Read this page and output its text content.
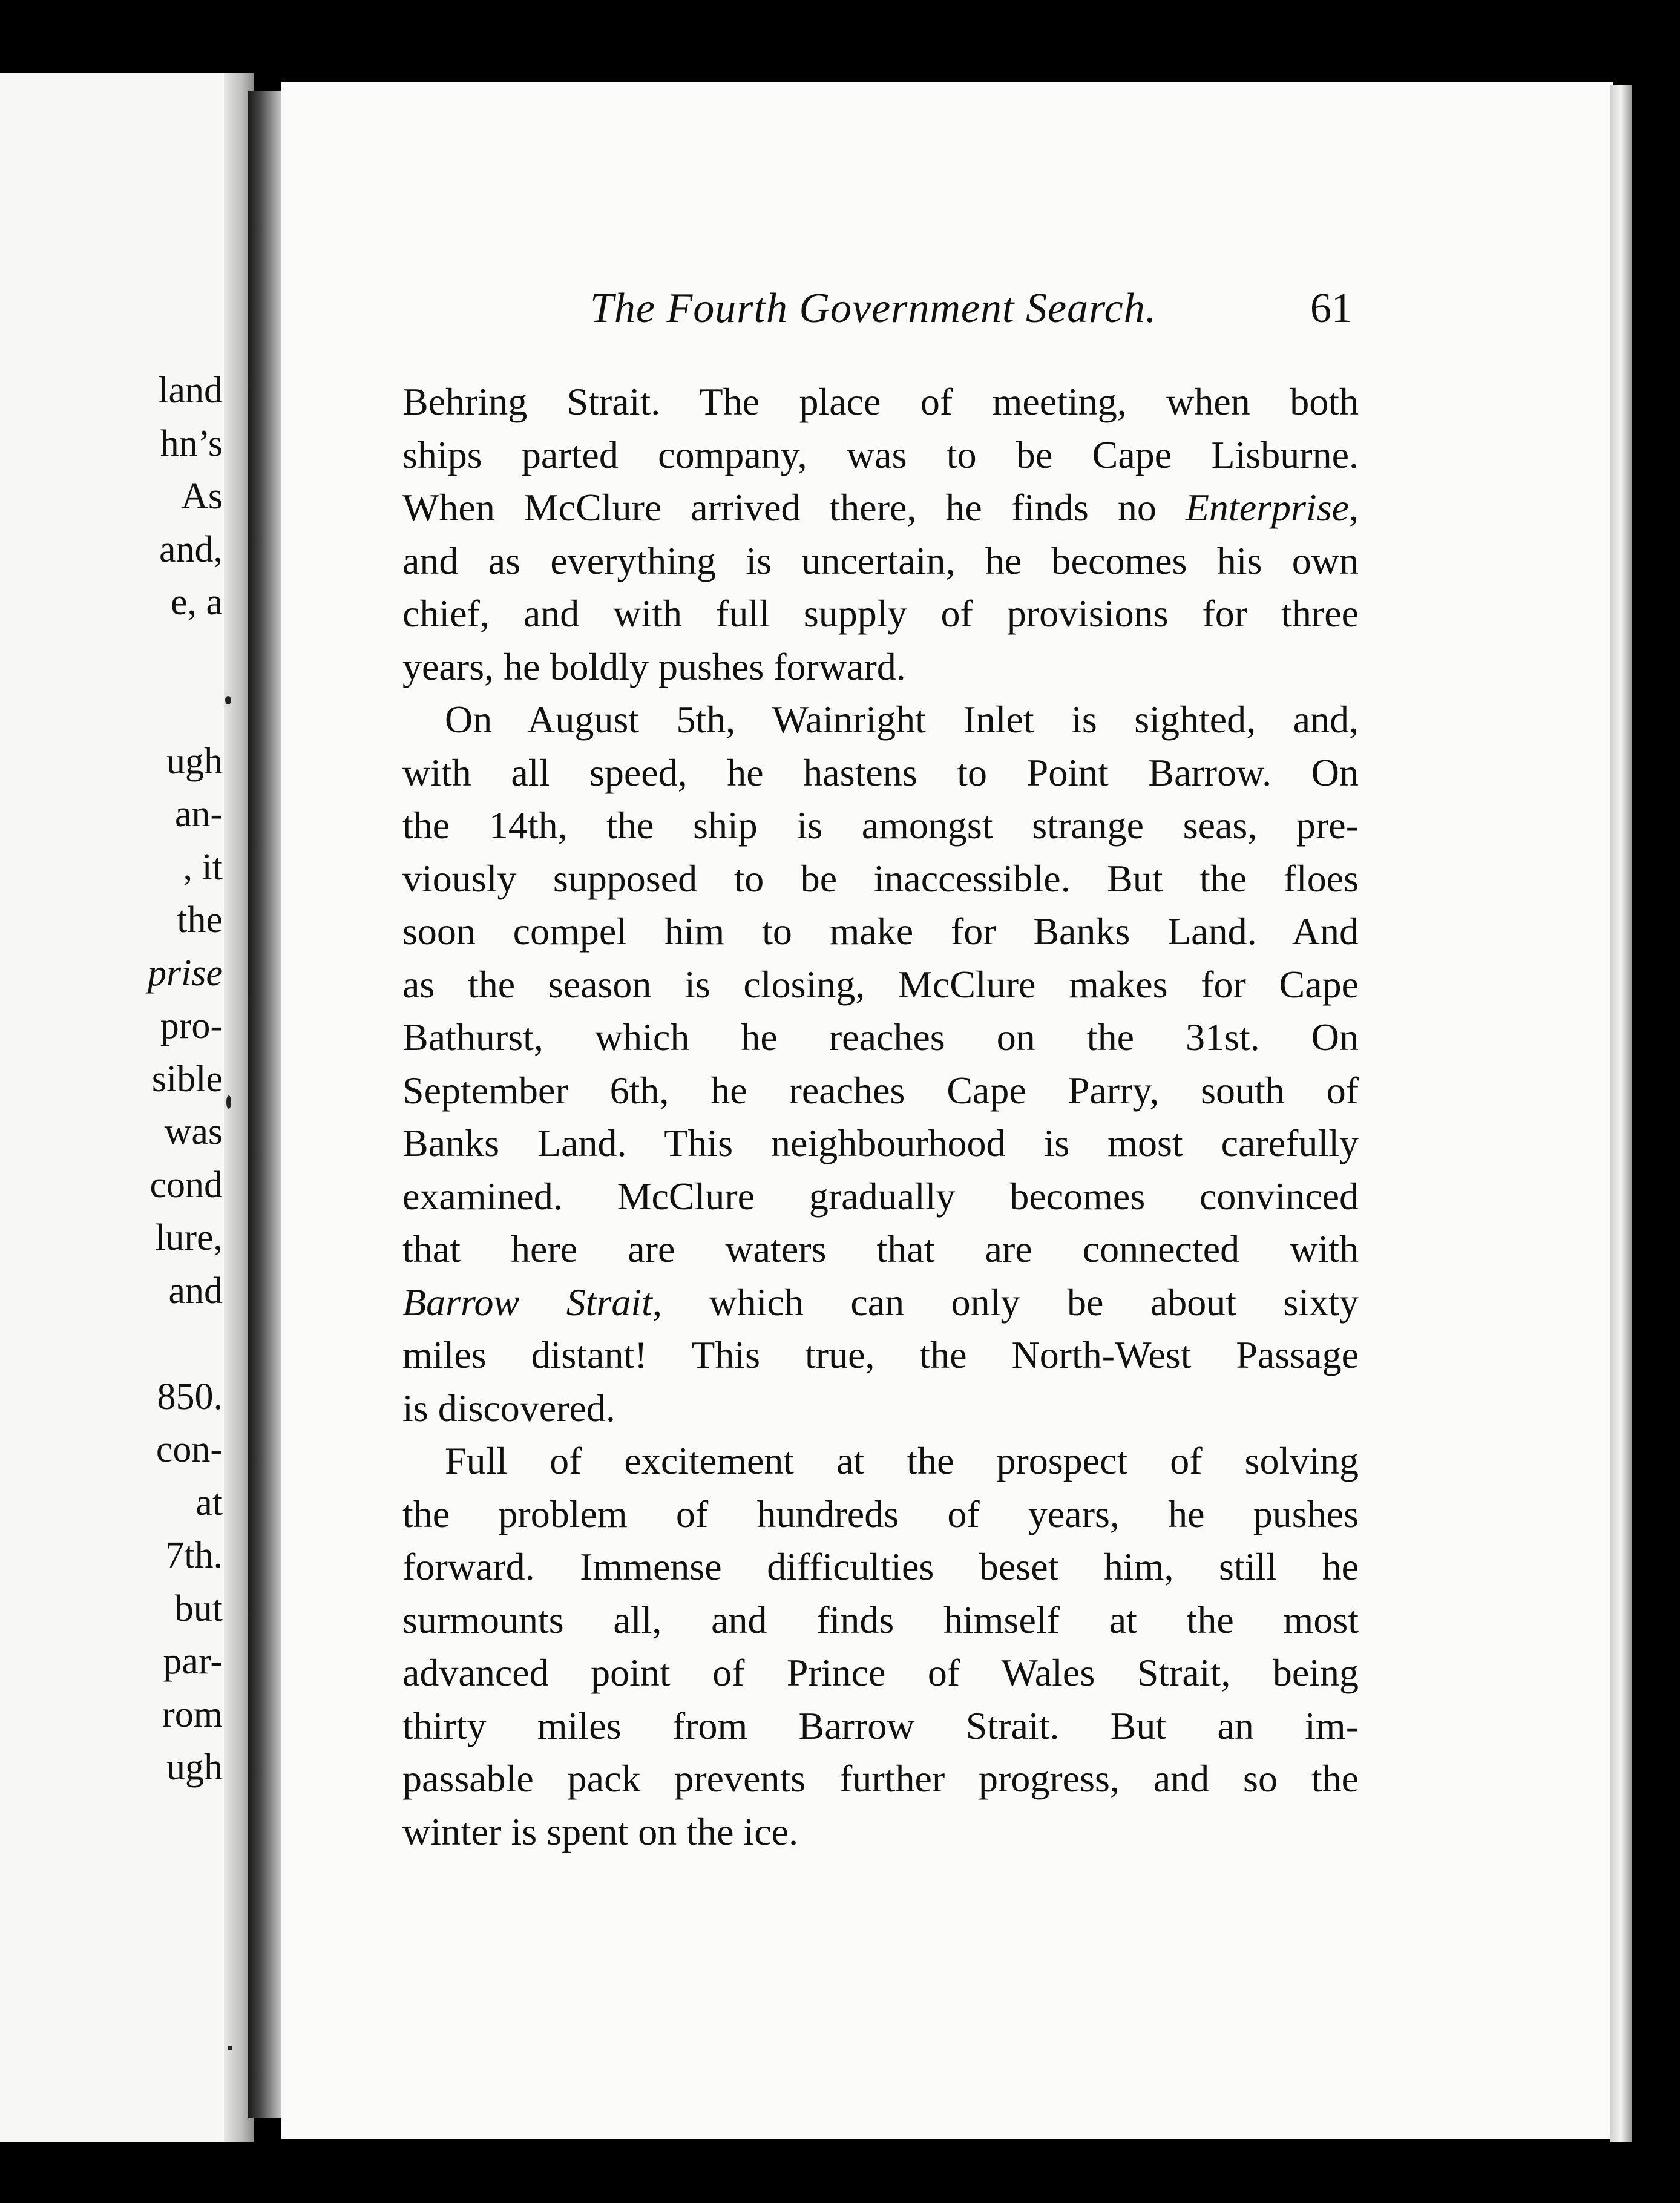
land
hn’s
As
and,
e, a
ugh
an-
, it
the
prise
pro-
sible
was
cond
lure,
and
850.
con-
at
7th.
but
par-
rom
ugh
The Fourth Government Search.	61
Behring Strait. The place of meeting, when both
ships parted company, was to be Cape Lisburne.
When McClure arrived there, he finds no Enterprise,
and as everything is uncertain, he becomes his own
chief, and with full supply of provisions for three
years, he boldly pushes forward.
On August 5th, Wainright Inlet is sighted, and,
with all speed, he hastens to Point Barrow. On
the 14th, the ship is amongst strange seas, pre-
viously supposed to be inaccessible. But the floes
soon compel him to make for Banks Land. And
as the season is closing, McClure makes for Cape
Bathurst, which he reaches on the 31st. On
September 6th, he reaches Cape Parry, south of
Banks Land. This neighbourhood is most carefully
examined. McClure gradually becomes convinced
that here are waters that are connected with
Barrow Strait, which can only be about sixty
miles distant! This true, the North-West Passage
is discovered.
Full of excitement at the prospect of solving
the problem of hundreds of years, he pushes
forward. Immense difficulties beset him, still he
surmounts all, and finds himself at the most
advanced point of Prince of Wales Strait, being
thirty miles from Barrow Strait. But an im-
passable pack prevents further progress, and so the
winter is spent on the ice.
